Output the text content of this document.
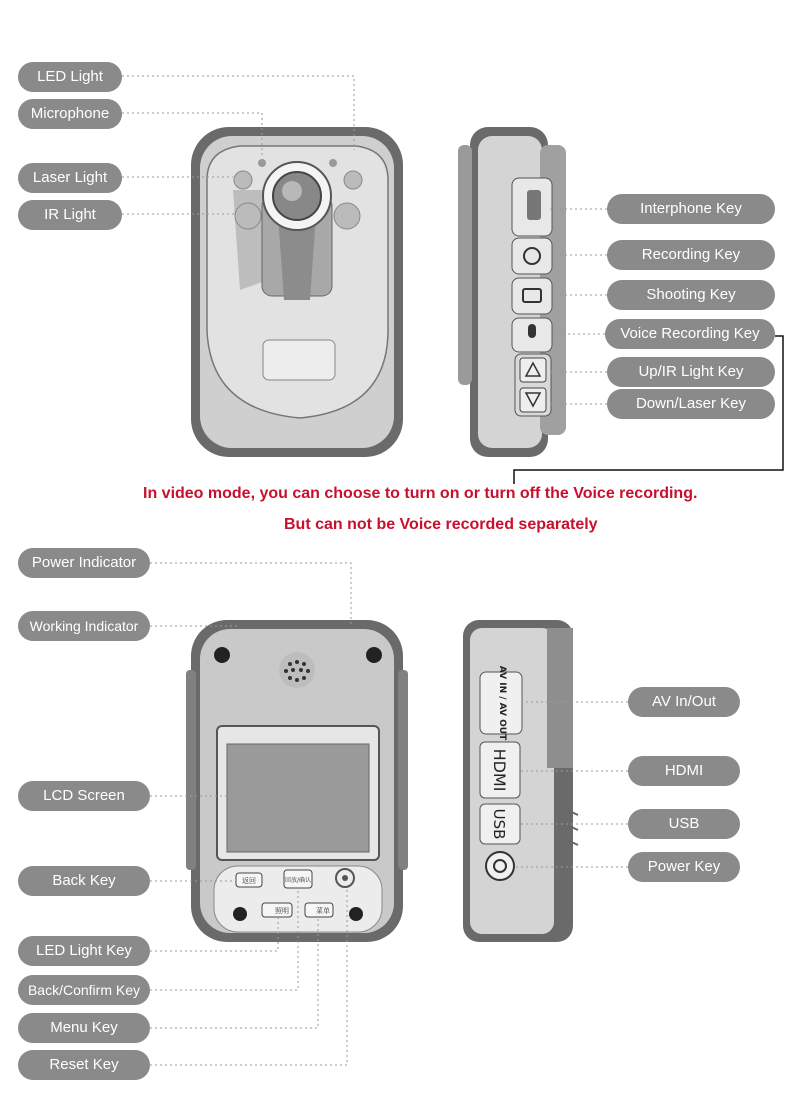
返回	回放/确认
照明	菜单
AV IN / AV OUT
HDMI
USB
LED Light
Microphone
Laser Light
IR Light	Interphone Key
Recording Key
Shooting Key
Voice Recording Key
Up/IR Light Key
Down/Laser Key
In video mode, you can choose to turn on or turn off the Voice recording.
But can not be Voice recorded separately
Power Indicator
Working Indicator
LCD Screen
Back Key
LED Light Key
Back/Confirm Key
Menu Key
Reset Key
AV In/Out
HDMI
USB
Power Key
